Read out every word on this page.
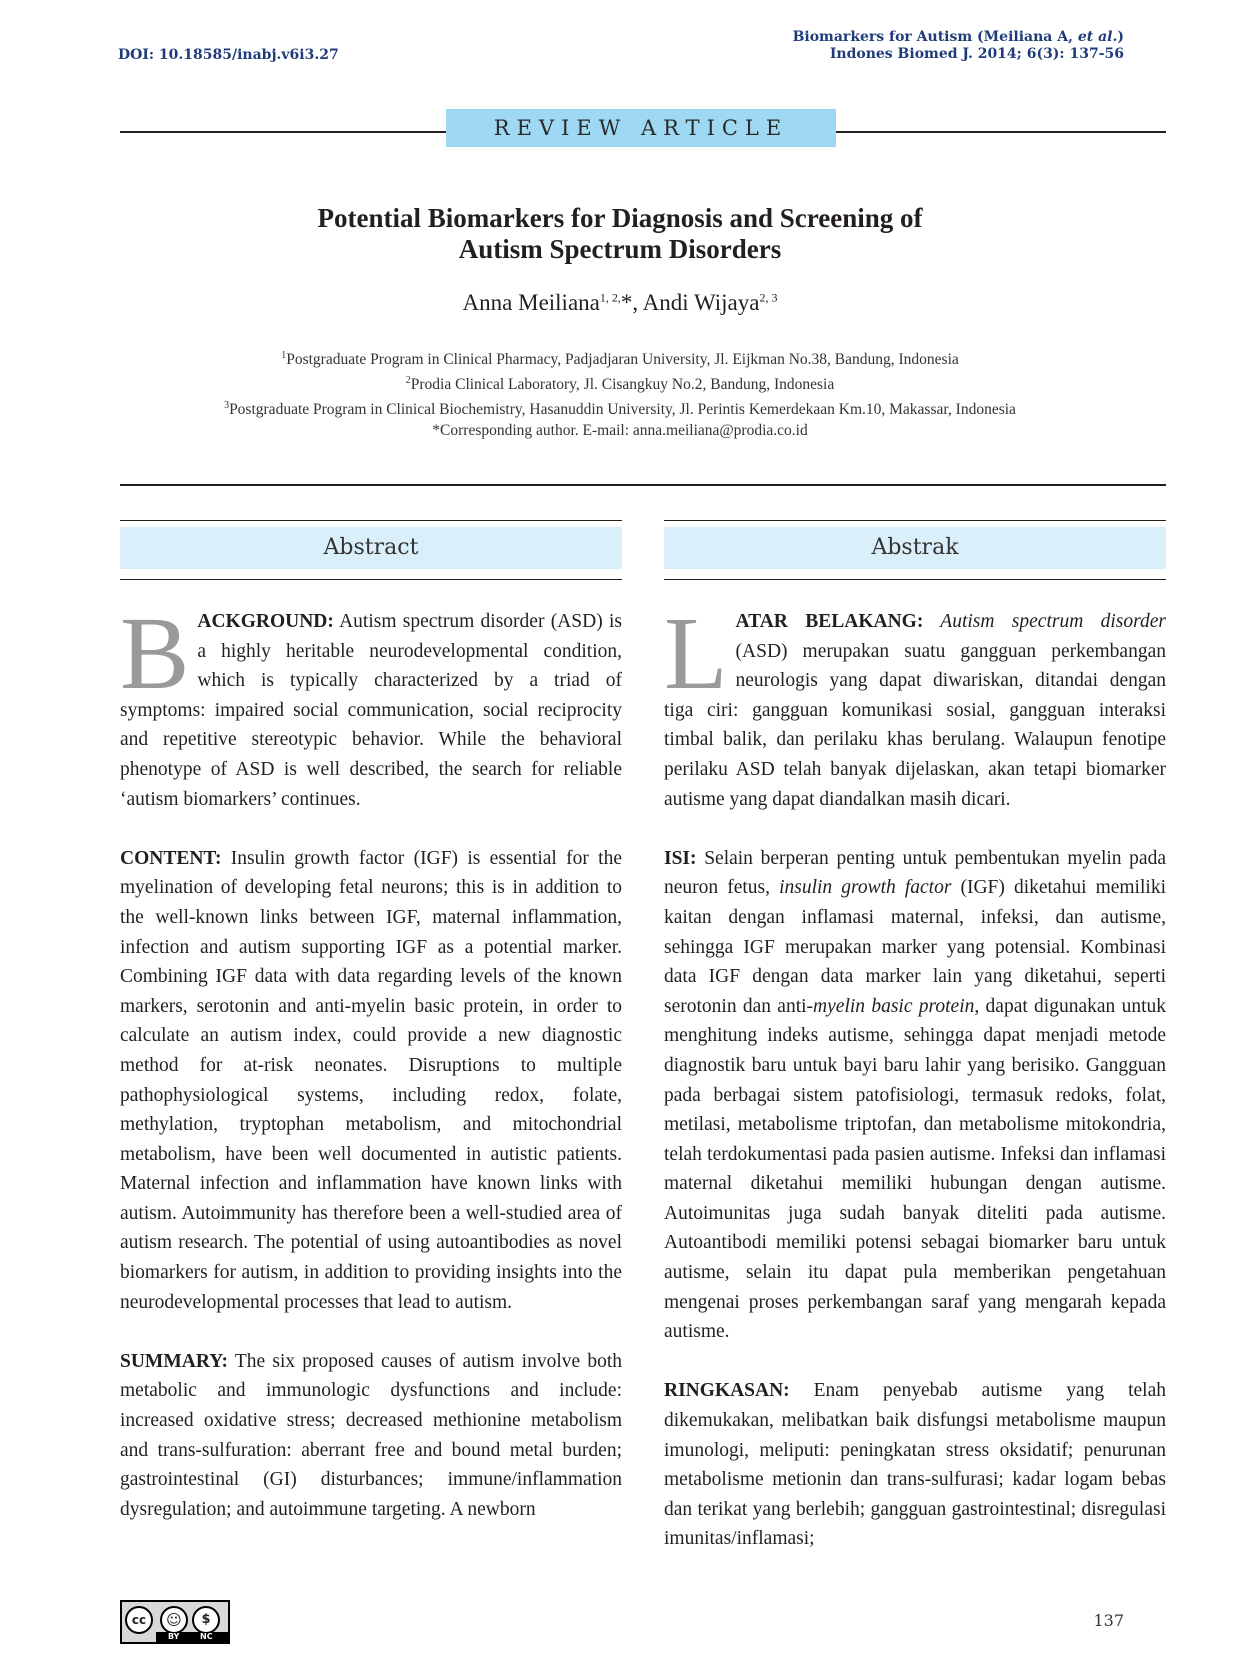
DOI: 10.18585/inabj.v6i3.27
Biomarkers for Autism (Meiliana A, et al.)
Indones Biomed J. 2014; 6(3): 137-56
REVIEW ARTICLE
Potential Biomarkers for Diagnosis and Screening of
Autism Spectrum Disorders
Anna Meiliana$^{1, 2,}$*, Andi Wijaya$^{2, 3}$
$^1$Postgraduate Program in Clinical Pharmacy, Padjadjaran University, Jl. Eijkman No.38, Bandung, Indonesia
$^2$Prodia Clinical Laboratory, Jl. Cisangkuy No.2, Bandung, Indonesia
$^3$Postgraduate Program in Clinical Biochemistry, Hasanuddin University, Jl. Perintis Kemerdekaan Km.10, Makassar, Indonesia
*Corresponding author. E-mail: anna.meiliana@prodia.co.id
Abstract	Abstrak

BACKGROUND: Autism spectrum disorder (ASD) is a highly heritable neurodevelopmental condition, which is typically characterized by a triad of symptoms: impaired social communication, social reciprocity and repetitive stereotypic behavior. While the behavioral phenotype of ASD is well described, the search for reliable ‘autism biomarkers’ continues.

CONTENT: Insulin growth factor (IGF) is essential for the myelination of developing fetal neurons; this is in addition to the well-known links between IGF, maternal inflammation, infection and autism supporting IGF as a potential marker. Combining IGF data with data regarding levels of the known markers, serotonin and anti-myelin basic protein, in order to calculate an autism index, could provide a new diagnostic method for at-risk neonates. Disruptions to multiple pathophysiological systems, including redox, folate, methylation, tryptophan metabolism, and mitochondrial metabolism, have been well documented in autistic patients. Maternal infection and inflammation have known links with autism. Autoimmunity has therefore been a well-studied area of autism research. The potential of using autoantibodies as novel biomarkers for autism, in addition to providing insights into the neurodevelopmental processes that lead to autism.

SUMMARY: The six proposed causes of autism involve both metabolic and immunologic dysfunctions and include: increased oxidative stress; decreased methionine metabolism and trans-sulfuration: aberrant free and bound metal burden; gastrointestinal (GI) disturbances; immune/inflammation dysregulation; and autoimmune targeting. A newborn

LATAR BELAKANG: Autism spectrum disorder (ASD) merupakan suatu gangguan perkembangan neurologis yang dapat diwariskan, ditandai dengan tiga ciri: gangguan komunikasi sosial, gangguan interaksi timbal balik, dan perilaku khas berulang. Walaupun fenotipe perilaku ASD telah banyak dijelaskan, akan tetapi biomarker autisme yang dapat diandalkan masih dicari.

ISI: Selain berperan penting untuk pembentukan myelin pada neuron fetus, insulin growth factor (IGF) diketahui memiliki kaitan dengan inflamasi maternal, infeksi, dan autisme, sehingga IGF merupakan marker yang potensial. Kombinasi data IGF dengan data marker lain yang diketahui, seperti serotonin dan anti-myelin basic protein, dapat digunakan untuk menghitung indeks autisme, sehingga dapat menjadi metode diagnostik baru untuk bayi baru lahir yang berisiko. Gangguan pada berbagai sistem patofisiologi, termasuk redoks, folat, metilasi, metabolisme triptofan, dan metabolisme mitokondria, telah terdokumentasi pada pasien autisme. Infeksi dan inflamasi maternal diketahui memiliki hubungan dengan autisme. Autoimunitas juga sudah banyak diteliti pada autisme. Autoantibodi memiliki potensi sebagai biomarker baru untuk autisme, selain itu dapat pula memberikan pengetahuan mengenai proses perkembangan saraf yang mengarah kepada autisme.

RINGKASAN: Enam penyebab autisme yang telah dikemukakan, melibatkan baik disfungsi metabolisme maupun imunologi, meliputi: peningkatan stress oksidatif; penurunan metabolisme metionin dan trans-sulfurasi; kadar logam bebas dan terikat yang berlebih; gangguan gastrointestinal; disregulasi imunitas/inflamasi;

cc	☺	$
BY	NC
137
